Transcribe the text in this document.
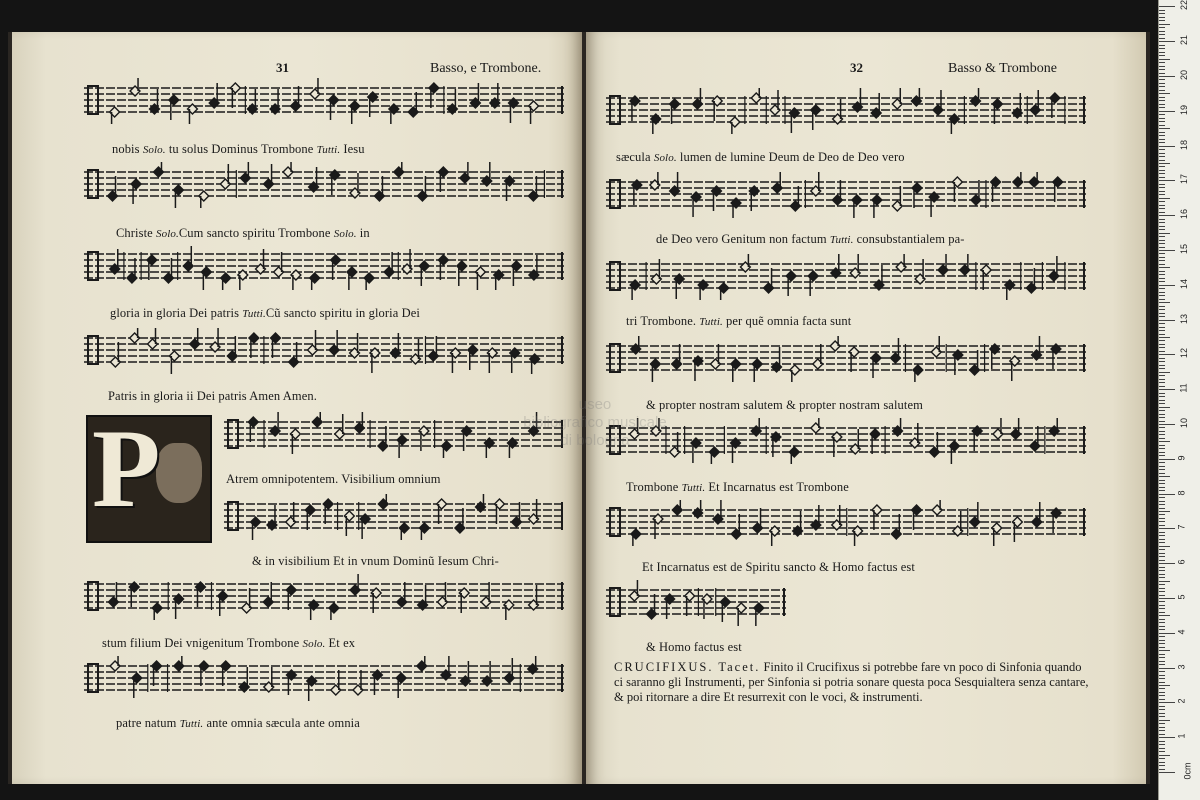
31	Basso, e Trombone.
nobis Solo. tu solus Dominus Trombone Tutti. Iesu
Christe Solo.Cum sancto spiritu Trombone Solo. in
gloria in gloria Dei patris Tutti.Cũ sancto spiritu in gloria Dei
Patris in gloria ii Dei patris Amen Amen.
Atrem omnipotentem. Visibilium omnium
& in visibilium Et in vnum Dominũ Iesum Chri-
stum filium Dei vnigenitum Trombone Solo. Et ex
patre natum Tutti. ante omnia sæcula ante omnia
P
32	Basso & Trombone
sæcula Solo. lumen de lumine Deum de Deo de Deo vero
de Deo vero Genitum non factum Tutti. consubstantialem pa-
tri Trombone. Tutti. per quẽ omnia facta sunt
& propter nostram salutem & propter nostram salutem
Trombone Tutti. Et Incarnatus est Trombone
Et Incarnatus est de Spiritu sancto & Homo factus est
& Homo factus est
CRUCIFIXUS. Tacet. Finito il Crucifixus si potrebbe fare vn poco di Sinfonia quando ci saranno gli Instrumenti, per Sinfonia si potria sonare questa poca Sesquialtera senza cantare, & poi ritornare a dire Et resurrexit con le voci, & instrumenti.
useo
bibliografico musicale
di bologna
0cm
1
2
3
4
5
6
7
8
9
10
11
12
13
14
15
16
17
18
19
20
21
22
